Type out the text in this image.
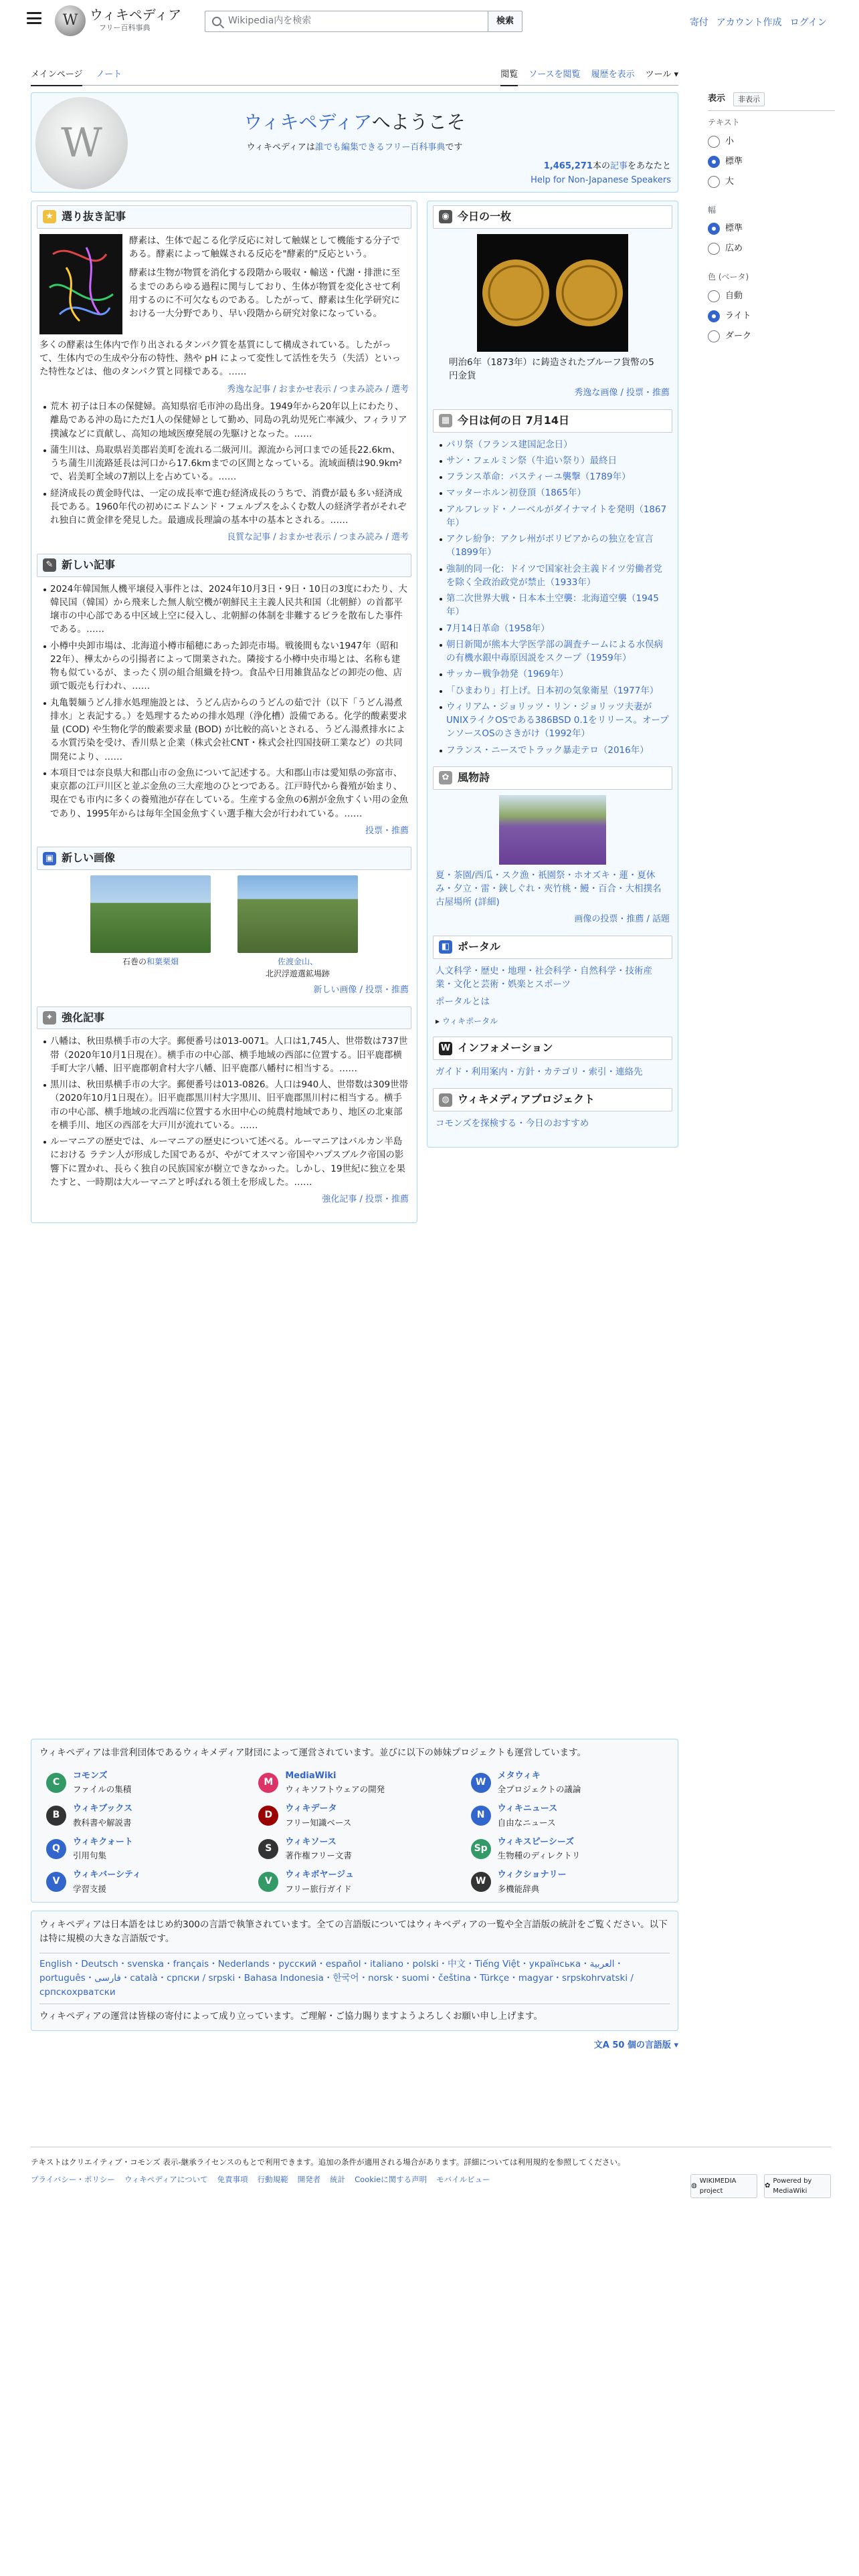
W ウィキペディア
フリー百科事典
Wikipedia内を検索	検索	寄付 アカウント作成 ログイン
メインページ ノート	閲覧 ソースを閲覧 履歴を表示 ツール ▾
表示	非表示
テキスト
小
標準
大
幅
標準
広め
色 (ベータ)
自動
ライト
ダーク
W	ウィキペディアへようこそ
ウィキペディアは誰でも編集できるフリー百科事典です
1,465,271本の記事をあなたと
Help for Non-Japanese Speakers
★ 選り抜き記事

酵素は、生体で起こる化学反応に対して触媒として機能する分子である。酵素によって触媒される反応を"酵素的"反応という。

酵素は生物が物質を消化する段階から吸収・輸送・代謝・排泄に至るまでのあらゆる過程に関与しており、生体が物質を変化させて利用するのに不可欠なものである。したがって、酵素は生化学研究における一大分野であり、早い段階から研究対象になっている。

多くの酵素は生体内で作り出されるタンパク質を基質にして構成されている。したがって、生体内での生成や分布の特性、熱や pH によって変性して活性を失う（失活）といった特性などは、他のタンパク質と同様である。……

秀逸な記事 / おまかせ表示 / つまみ読み / 選考
荒木 初子は日本の保健婦。高知県宿毛市沖の島出身。1949年から20年以上にわたり、離島である沖の島にただ1人の保健婦として勤め、同島の乳幼児死亡率減少、フィラリア撲滅などに貢献し、高知の地域医療発展の先駆けとなった。……
蒲生川は、鳥取県岩美郡岩美町を流れる二級河川。源流から河口までの延長22.6km、うち蒲生川流路延長は河口から17.6kmまでの区間となっている。流域面積は90.9km²で、岩美町全域の7割以上を占めている。……
経済成長の黄金時代は、一定の成長率で進む経済成長のうちで、消費が最も多い経済成長である。1960年代の初めにエドムンド・フェルプスをふくむ数人の経済学者がそれぞれ独自に黄金律を発見した。最適成長理論の基本中の基本とされる。……
良質な記事 / おまかせ表示 / つまみ読み / 選考
✎ 新しい記事
2024年韓国無人機平壌侵入事件とは、2024年10月3日・9日・10日の3度にわたり、大韓民国（韓国）から飛来した無人航空機が朝鮮民主主義人民共和国（北朝鮮）の首都平壌市の中心部である中区域上空に侵入し、北朝鮮の体制を非難するビラを散布した事件である。……
小樽中央卸市場は、北海道小樽市稲穂にあった卸売市場。戦後間もない1947年（昭和22年）、樺太からの引揚者によって開業された。隣接する小樽中央市場とは、名称も建物も似ているが、まったく別の組合組織を持つ。食品や日用雑貨品などの卸売の他、店頭で販売も行われ、……
丸亀製麺うどん排水処理施設とは、うどん店からのうどんの茹で汁（以下「うどん湯煮排水」と表記する。）を処理するための排水処理（浄化槽）設備である。化学的酸素要求量 (COD) や生物化学的酸素要求量 (BOD) が比較的高いとされる、うどん湯煮排水による水質汚染を受け、香川県と企業（株式会社CNT・株式会社四国技研工業など）の共同開発により、……
本項目では奈良県大和郡山市の金魚について記述する。大和郡山市は愛知県の弥富市、東京都の江戸川区と並ぶ金魚の三大産地のひとつである。江戸時代から養殖が始まり、現在でも市内に多くの養殖池が存在している。生産する金魚の6割が金魚すくい用の金魚であり、1995年からは毎年全国金魚すくい選手権大会が行われている。……
投票・推薦
▣ 新しい画像
石巻の和葉栗畑	佐渡金山、
北沢浮遊選鉱場跡
新しい画像 / 投票・推薦
✦ 強化記事
八幡は、秋田県横手市の大字。郵便番号は013-0071。人口は1,745人、世帯数は737世帯（2020年10月1日現在）。横手市の中心部、横手地域の西部に位置する。旧平鹿郡横手町大字八幡、旧平鹿郡朝倉村大字八幡、旧平鹿郡八幡村に相当する。……
黒川は、秋田県横手市の大字。郵便番号は013-0826。人口は940人、世帯数は309世帯（2020年10月1日現在）。旧平鹿郡黒川村大字黒川、旧平鹿郡黒川村に相当する。横手市の中心部、横手地域の北西端に位置する水田中心の純農村地域であり、地区の北東部を横手川、地区の西部を大戸川が流れている。……
ルーマニアの歴史では、ルーマニアの歴史について述べる。ルーマニアはバルカン半島における ラテン人が形成した国であるが、やがてオスマン帝国やハプスブルク帝国の影響下に置かれ、長らく独自の民族国家が樹立できなかった。しかし、19世紀に独立を果たすと、一時期は大ルーマニアと呼ばれる領土を形成した。……
強化記事 / 投票・推薦
◉ 今日の一枚

明治6年（1873年）に鋳造されたブルーフ貨幣の5円金貨

秀逸な画像 / 投票・推薦
▦ 今日は何の日 7月14日
パリ祭（フランス建国記念日）
サン・フェルミン祭（牛追い祭り）最終日
フランス革命：バスティーユ襲撃（1789年）
マッターホルン初登頂（1865年）
アルフレッド・ノーベルがダイナマイトを発明（1867年）
アクレ紛争：アクレ州がボリビアからの独立を宣言（1899年）
強制的同一化：ドイツで国家社会主義ドイツ労働者党を除く全政治政党が禁止（1933年）
第二次世界大戦・日本本土空襲：北海道空襲（1945年）
7月14日革命（1958年）
朝日新聞が熊本大学医学部の調査チームによる水俣病の有機水銀中毒原因説をスクープ（1959年）
サッカー戦争勃発（1969年）
「ひまわり」打上げ。日本初の気象衛星（1977年）
ウィリアム・ジョリッツ・リン・ジョリッツ夫妻がUNIXライクOSである386BSD 0.1をリリース。オープンソースOSのさきがけ（1992年）
フランス・ニースでトラック暴走テロ（2016年）
✿ 風物詩

夏・茶園/西瓜・スク漁・祇園祭・ホオズキ・蓮・夏休み・夕立・雷・鋏しぐれ・夾竹桃・鰻・百合・大相撲名古屋場所 (詳細)

画像の投票・推薦 / 話題
◧ ポータル

人文科学・歴史・地理・社会科学・自然科学・技術産業・文化と芸術・娯楽とスポーツ

ポータルとは

▸ ウィキポータル

W インフォメーション

ガイド・利用案内・方針・カテゴリ・索引・連絡先

◍ ウィキメディアプロジェクト

コモンズを探検する・今日のおすすめ

ウィキペディアは非営利団体であるウィキメディア財団によって運営されています。並びに以下の姉妹プロジェクトも運営しています。

C
コモンズ
ファイルの集積
M
MediaWiki
ウィキソフトウェアの開発
W
メタウィキ
全プロジェクトの議論
B
ウィキブックス
教科書や解説書
D
ウィキデータ
フリー知識ベース
N
ウィキニュース
自由なニュース
Q
ウィキクォート
引用句集
S
ウィキソース
著作権フリー文書
Sp
ウィキスピーシーズ
生物種のディレクトリ
V
ウィキバーシティ
学習支援
V
ウィキボヤージュ
フリー旅行ガイド
W
ウィクショナリー
多機能辞典

ウィキペディアは日本語をはじめ約300の言語で執筆されています。全ての言語版についてはウィキペディアの一覧や全言語版の統計をご覧ください。以下は特に規模の大きな言語版です。

English・Deutsch・svenska・français・Nederlands・русский・español・italiano・polski・中文・Tiếng Việt・українська・العربية・português・فارسی・català・српски / srpski・Bahasa Indonesia・한국어・norsk・suomi・čeština・Türkçe・magyar・srpskohrvatski / српскохрватски

ウィキペディアの運営は皆様の寄付によって成り立っています。ご理解・ご協力賜りますようよろしくお願い申し上げます。

文A 50 個の言語版 ▾

テキストはクリエイティブ・コモンズ 表示-継承ライセンスのもとで利用できます。追加の条件が適用される場合があります。詳細については利用規約を参照してください。

プライバシー・ポリシー ウィキペディアについて 免責事項 行動規範 開発者 統計 Cookieに関する声明 モバイルビュー
◍
WIKIMEDIA project
✿
Powered by MediaWiki
